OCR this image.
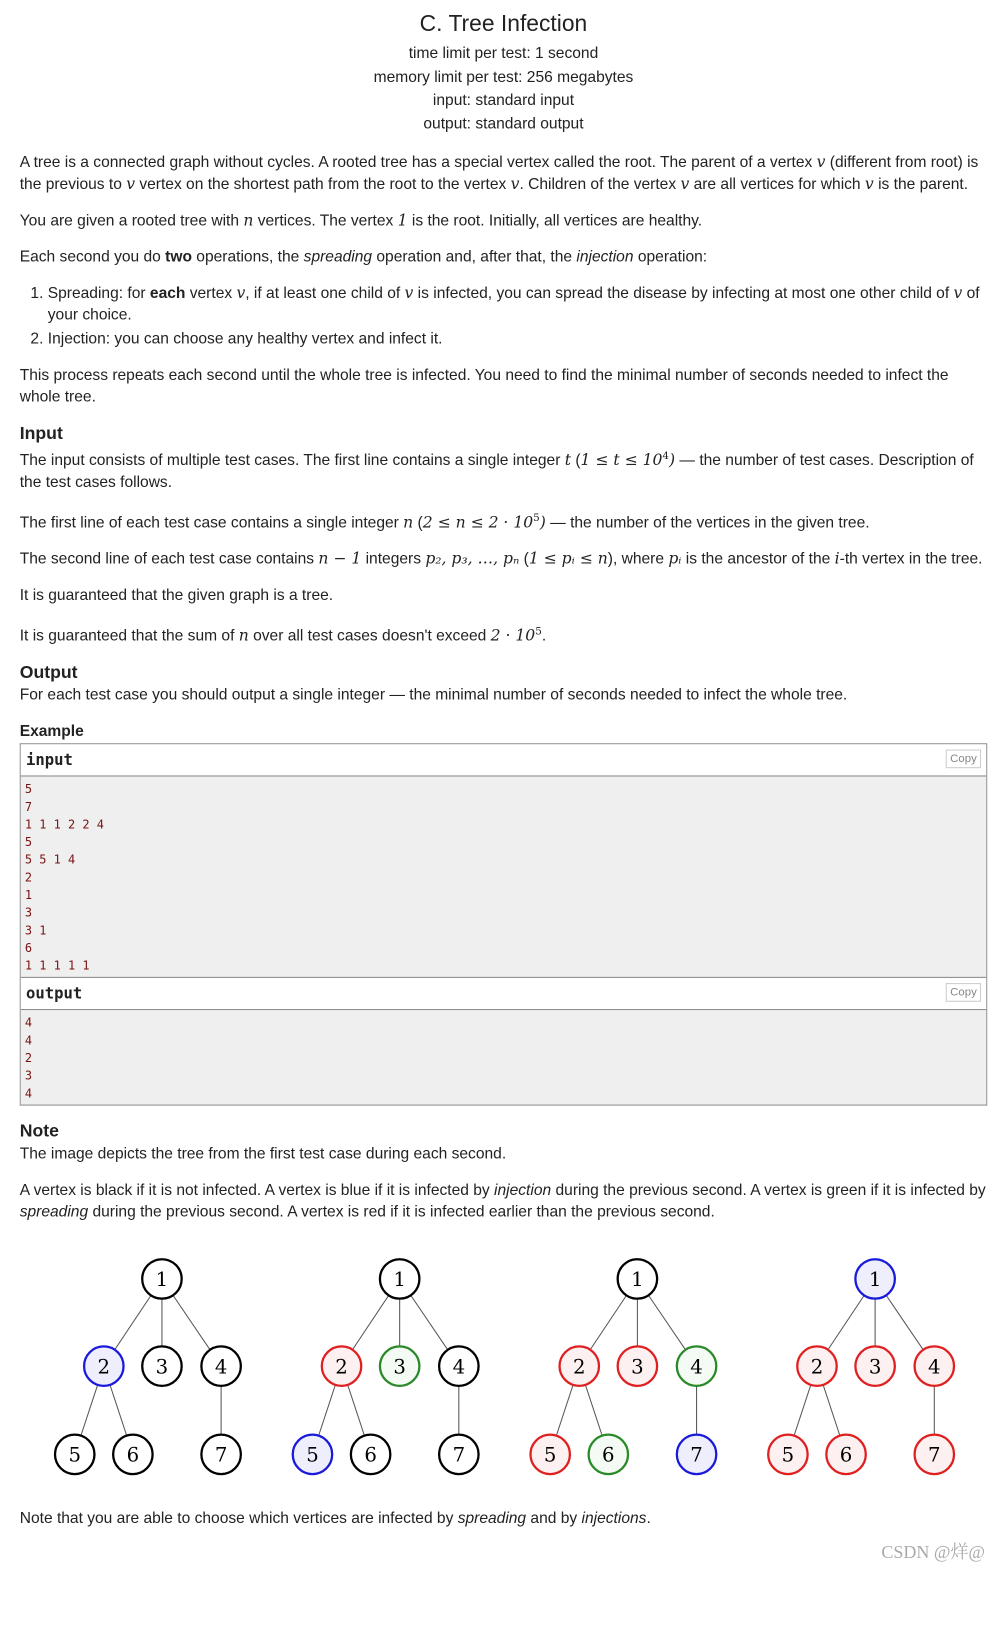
C. Tree Infection
time limit per test: 1 second
memory limit per test: 256 megabytes
input: standard input
output: standard output

A tree is a connected graph without cycles. A rooted tree has a special vertex called the root. The parent of a vertex v (different from root) is the previous to v vertex on the shortest path from the root to the vertex v. Children of the vertex v are all vertices for which v is the parent.

You are given a rooted tree with n vertices. The vertex 1 is the root. Initially, all vertices are healthy.

Each second you do two operations, the spreading operation and, after that, the injection operation:

1. Spreading: for each vertex v, if at least one child of v is infected, you can spread the disease by infecting at most one other child of v of your choice.
2. Injection: you can choose any healthy vertex and infect it.

This process repeats each second until the whole tree is infected. You need to find the minimal number of seconds needed to infect the whole tree.

Input

The input consists of multiple test cases. The first line contains a single integer t $(1 \le t \le 10^4)$ — the number of test cases. Description of the test cases follows.

The first line of each test case contains a single integer n $(2 \le n \le 2 \cdot 10^5)$ — the number of the vertices in the given tree.

The second line of each test case contains n − 1 integers p₂, p₃, …, pₙ (1 ≤ pᵢ ≤ n), where pᵢ is the ancestor of the i-th vertex in the tree.

It is guaranteed that the given graph is a tree.

It is guaranteed that the sum of n over all test cases doesn't exceed $2 \cdot 10^5$.

Output

For each test case you should output a single integer — the minimal number of seconds needed to infect the whole tree.

Example
input	Copy
5
7
1 1 1 2 2 4
5
5 5 1 4
2
1
3
3 1
6
1 1 1 1 1
output	Copy
4
4
2
3
4
Note

The image depicts the tree from the first test case during each second.

A vertex is black if it is not infected. A vertex is blue if it is infected by injection during the previous second. A vertex is green if it is infected by spreading during the previous second. A vertex is red if it is infected earlier than the previous second.

1
2 3 4
5 6	7
1
2 3 4
5 6	7
1
2 3 4
5 6	7
1
2 3 4
5 6	7

Note that you are able to choose which vertices are infected by spreading and by injections.

CSDN @烊@
